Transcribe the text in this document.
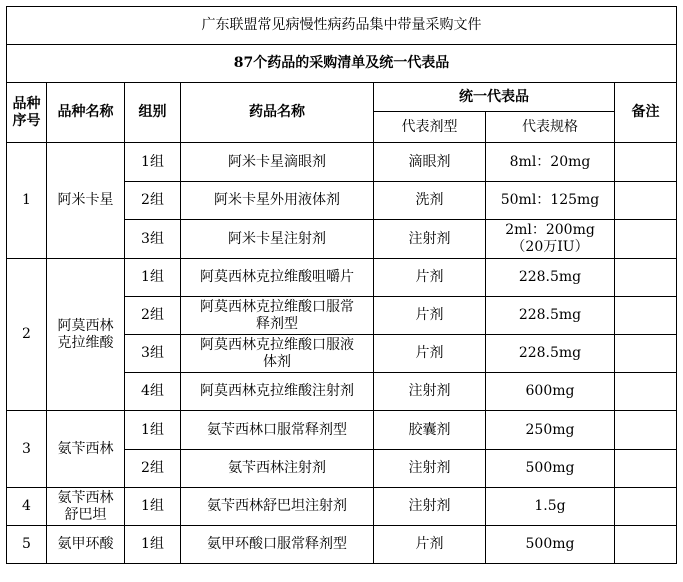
广东联盟常见病慢性病药品集中带量采购文件						
87个药品的采购清单及统一代表品						
品种
序号	品种名称	组别	药品名称	统一代表品		备注
				代表剂型	代表规格	
1	阿米卡星	1组	阿米卡星滴眼剂	滴眼剂	8ml：20mg	
		2组	阿米卡星外用液体剂	洗剂	50ml：125mg	
		3组	阿米卡星注射剂	注射剂	2ml：200mg
（20万IU）	
2	阿莫西林
克拉维酸	1组	阿莫西林克拉维酸咀嚼片	片剂	228.5mg	
		2组	阿莫西林克拉维酸口服常
释剂型	片剂	228.5mg	
		3组	阿莫西林克拉维酸口服液
体剂	片剂	228.5mg	
		4组	阿莫西林克拉维酸注射剂	注射剂	600mg	
3	氨苄西林	1组	氨苄西林口服常释剂型	胶囊剂	250mg	
		2组	氨苄西林注射剂	注射剂	500mg	
4	氨苄西林
舒巴坦	1组	氨苄西林舒巴坦注射剂	注射剂	1.5g	
5	氨甲环酸	1组	氨甲环酸口服常释剂型	片剂	500mg	
